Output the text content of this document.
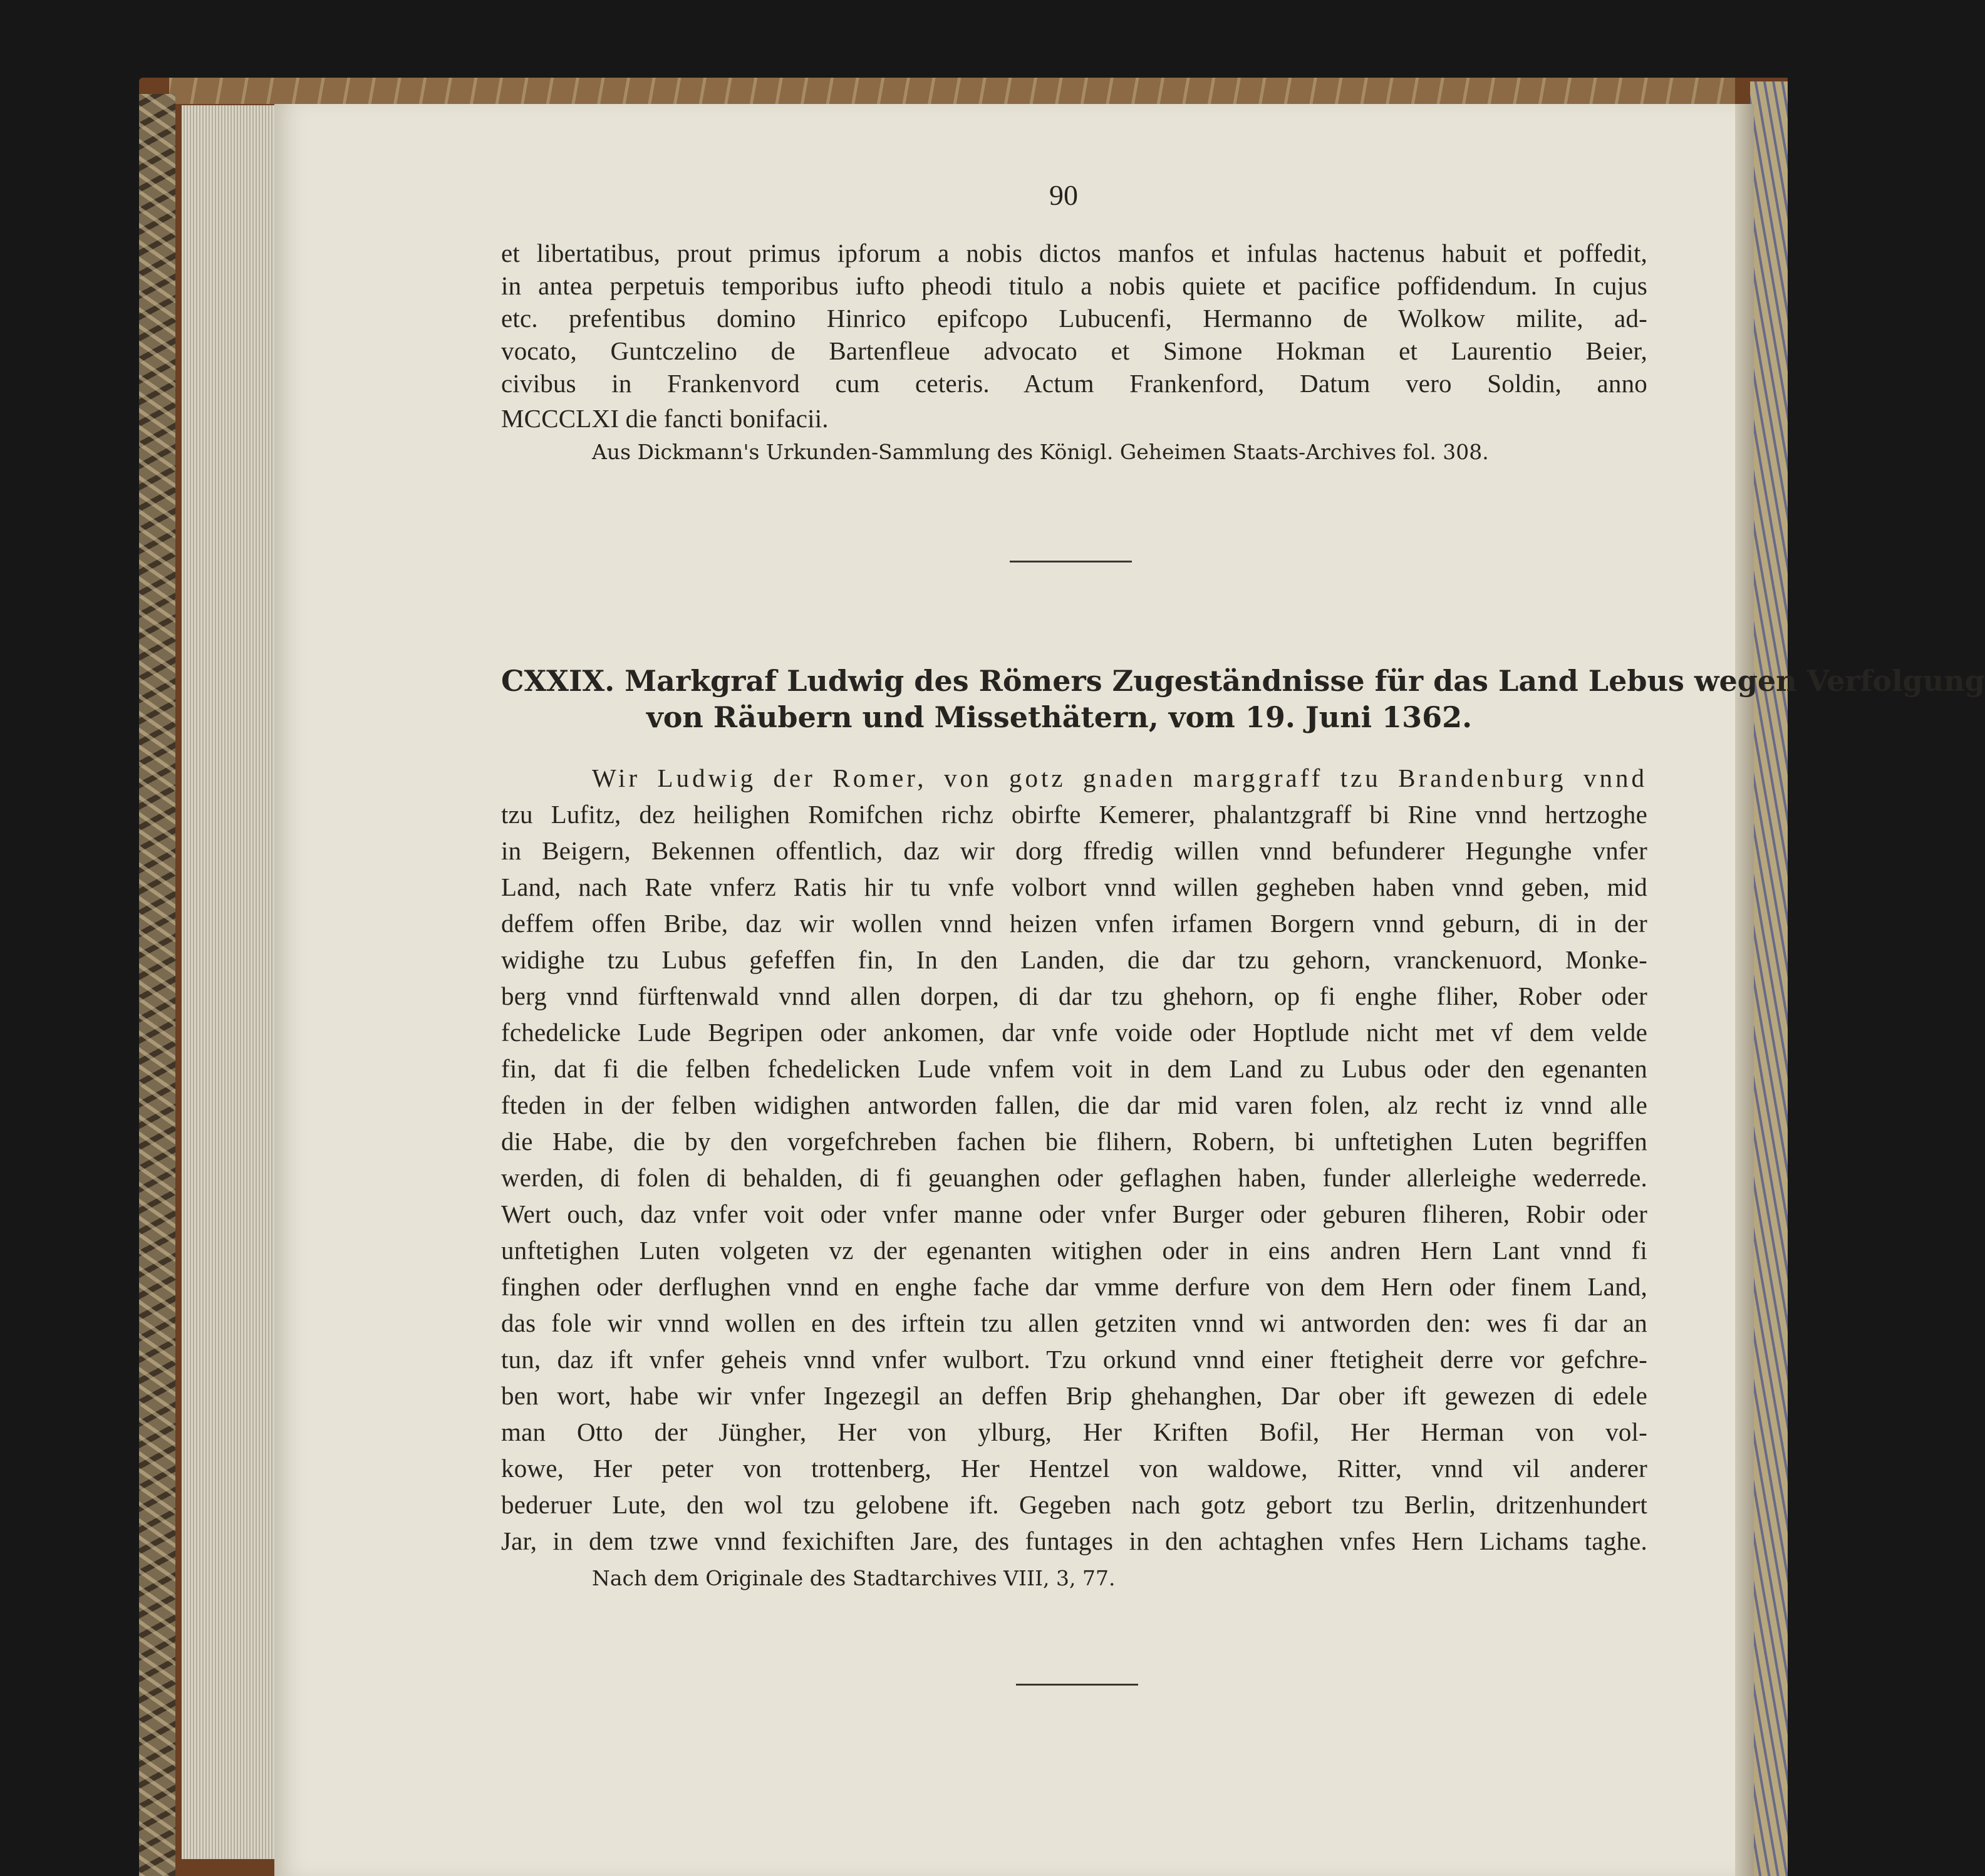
90
et libertatibus, prout primus ipforum a nobis dictos manfos et infulas hactenus habuit et poffedit,
in antea perpetuis temporibus iufto pheodi titulo a nobis quiete et pacifice poffidendum. In cujus
etc. prefentibus domino Hinrico epifcopo Lubucenfi, Hermanno de Wolkow milite, ad-
vocato, Guntczelino de Bartenfleue advocato et Simone Hokman et Laurentio Beier,
civibus in Frankenvord cum ceteris. Actum Frankenford, Datum vero Soldin, anno
MCCCLXI die fancti bonifacii.
Aus Dickmann's Urkunden-Sammlung des Königl. Geheimen Staats-Archives fol. 308.
CXXIX. Markgraf Ludwig des Römers Zugeständnisse für das Land Lebus wegen Verfolgung
von Räubern und Missethätern, vom 19. Juni 1362.
Wir Ludwig der Romer, von gotz gnaden marggraff tzu Brandenburg vnnd
tzu Lufitz, dez heilighen Romifchen richz obirfte Kemerer, phalantzgraff bi Rine vnnd hertzoghe
in Beigern, Bekennen offentlich, daz wir dorg ffredig willen vnnd befunderer Hegunghe vnfer
Land, nach Rate vnferz Ratis hir tu vnfe volbort vnnd willen gegheben haben vnnd geben, mid
deffem offen Bribe, daz wir wollen vnnd heizen vnfen irfamen Borgern vnnd geburn, di in der
widighe tzu Lubus gefeffen fin, In den Landen, die dar tzu gehorn, vranckenuord, Monke-
berg vnnd fürftenwald vnnd allen dorpen, di dar tzu ghehorn, op fi enghe fliher, Rober oder
fchedelicke Lude Begripen oder ankomen, dar vnfe voide oder Hoptlude nicht met vf dem velde
fin, dat fi die felben fchedelicken Lude vnfem voit in dem Land zu Lubus oder den egenanten
fteden in der felben widighen antworden fallen, die dar mid varen folen, alz recht iz vnnd alle
die Habe, die by den vorgefchreben fachen bie flihern, Robern, bi unftetighen Luten begriffen
werden, di folen di behalden, di fi geuanghen oder geflaghen haben, funder allerleighe wederrede.
Wert ouch, daz vnfer voit oder vnfer manne oder vnfer Burger oder geburen fliheren, Robir oder
unftetighen Luten volgeten vz der egenanten witighen oder in eins andren Hern Lant vnnd fi
finghen oder derflughen vnnd en enghe fache dar vmme derfure von dem Hern oder finem Land,
das fole wir vnnd wollen en des irftein tzu allen getziten vnnd wi antworden den: wes fi dar an
tun, daz ift vnfer geheis vnnd vnfer wulbort. Tzu orkund vnnd einer ftetigheit derre vor gefchre-
ben wort, habe wir vnfer Ingezegil an deffen Brip ghehanghen, Dar ober ift gewezen di edele
man Otto der Jüngher, Her von ylburg, Her Kriften Bofil, Her Herman von vol-
kowe, Her peter von trottenberg, Her Hentzel von waldowe, Ritter, vnnd vil anderer
bederuer Lute, den wol tzu gelobene ift. Gegeben nach gotz gebort tzu Berlin, dritzenhundert
Jar, in dem tzwe vnnd fexichiften Jare, des funtages in den achtaghen vnfes Hern Lichams taghe.
Nach dem Originale des Stadtarchives VIII, 3, 77.
